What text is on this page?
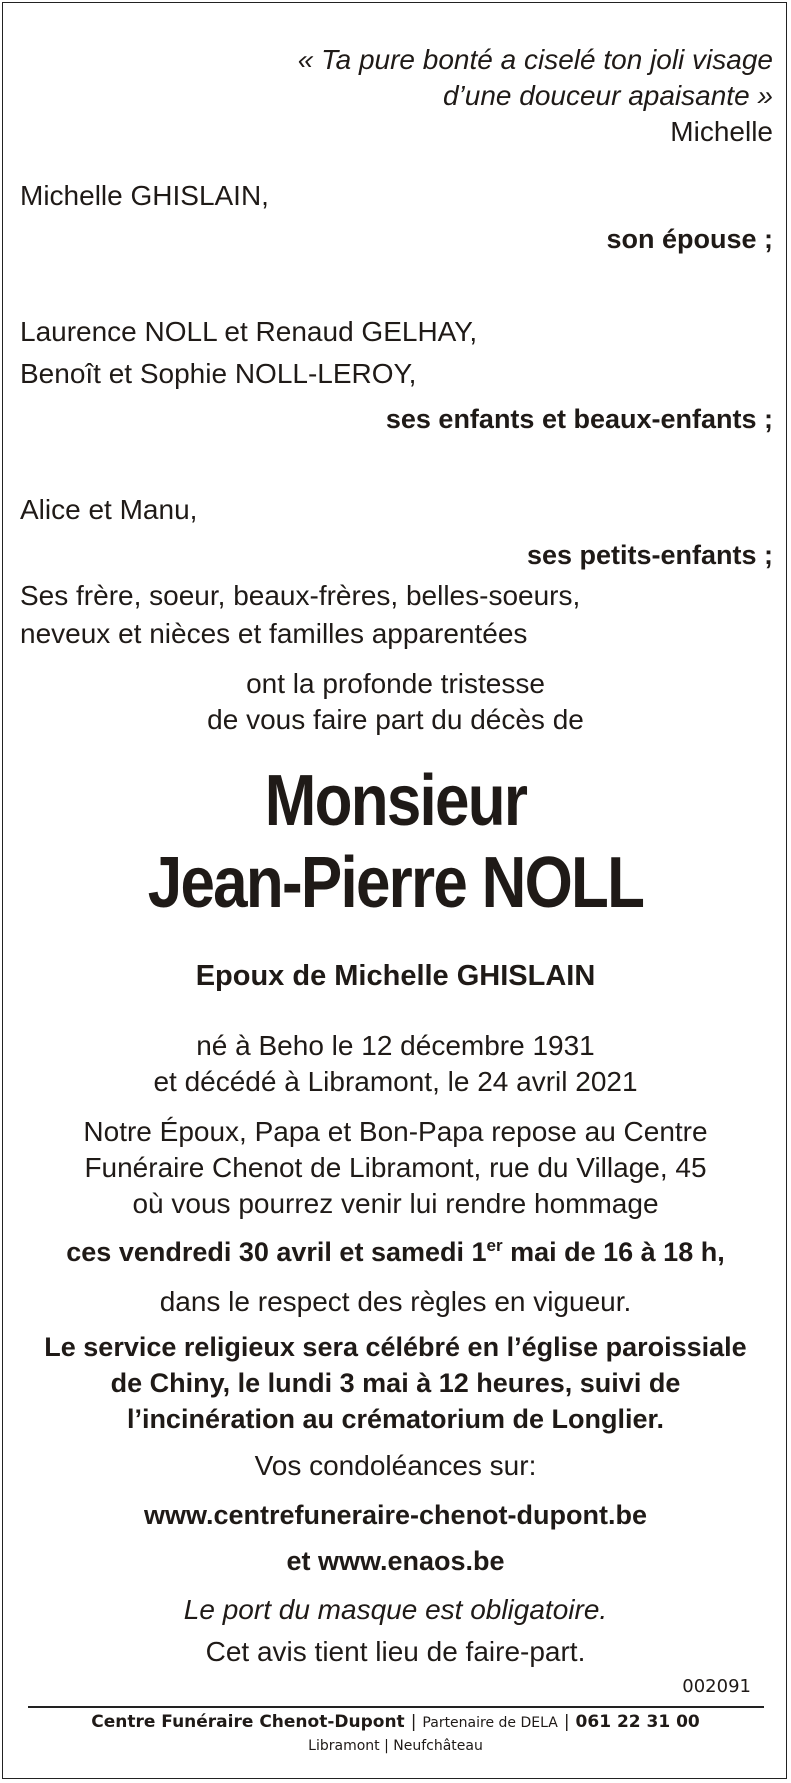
« Ta pure bonté a ciselé ton joli visage
d’une douceur apaisante »
Michelle
Michelle GHISLAIN,
son épouse ;
Laurence NOLL et Renaud GELHAY,
Benoît et Sophie NOLL-LEROY,
ses enfants et beaux-enfants ;
Alice et Manu,
ses petits-enfants ;
Ses frère, soeur, beaux-frères, belles-soeurs,
neveux et nièces et familles apparentées
ont la profonde tristesse
de vous faire part du décès de
Monsieur
Jean-Pierre NOLL
Epoux de Michelle GHISLAIN
né à Beho le 12 décembre 1931
et décédé à Libramont, le 24 avril 2021
Notre Époux, Papa et Bon-Papa repose au Centre
Funéraire Chenot de Libramont, rue du Village, 45
où vous pourrez venir lui rendre hommage
ces vendredi 30 avril et samedi 1er mai de 16 à 18 h,
dans le respect des règles en vigueur.
Le service religieux sera célébré en l’église paroissiale
de Chiny, le lundi 3 mai à 12 heures, suivi de
l’incinération au crématorium de Longlier.
Vos condoléances sur:
www.centrefuneraire-chenot-dupont.be
et www.enaos.be
Le port du masque est obligatoire.
Cet avis tient lieu de faire-part.
002091
Centre Funéraire Chenot-Dupont | Partenaire de DELA | 061 22 31 00
Libramont | Neufchâteau
